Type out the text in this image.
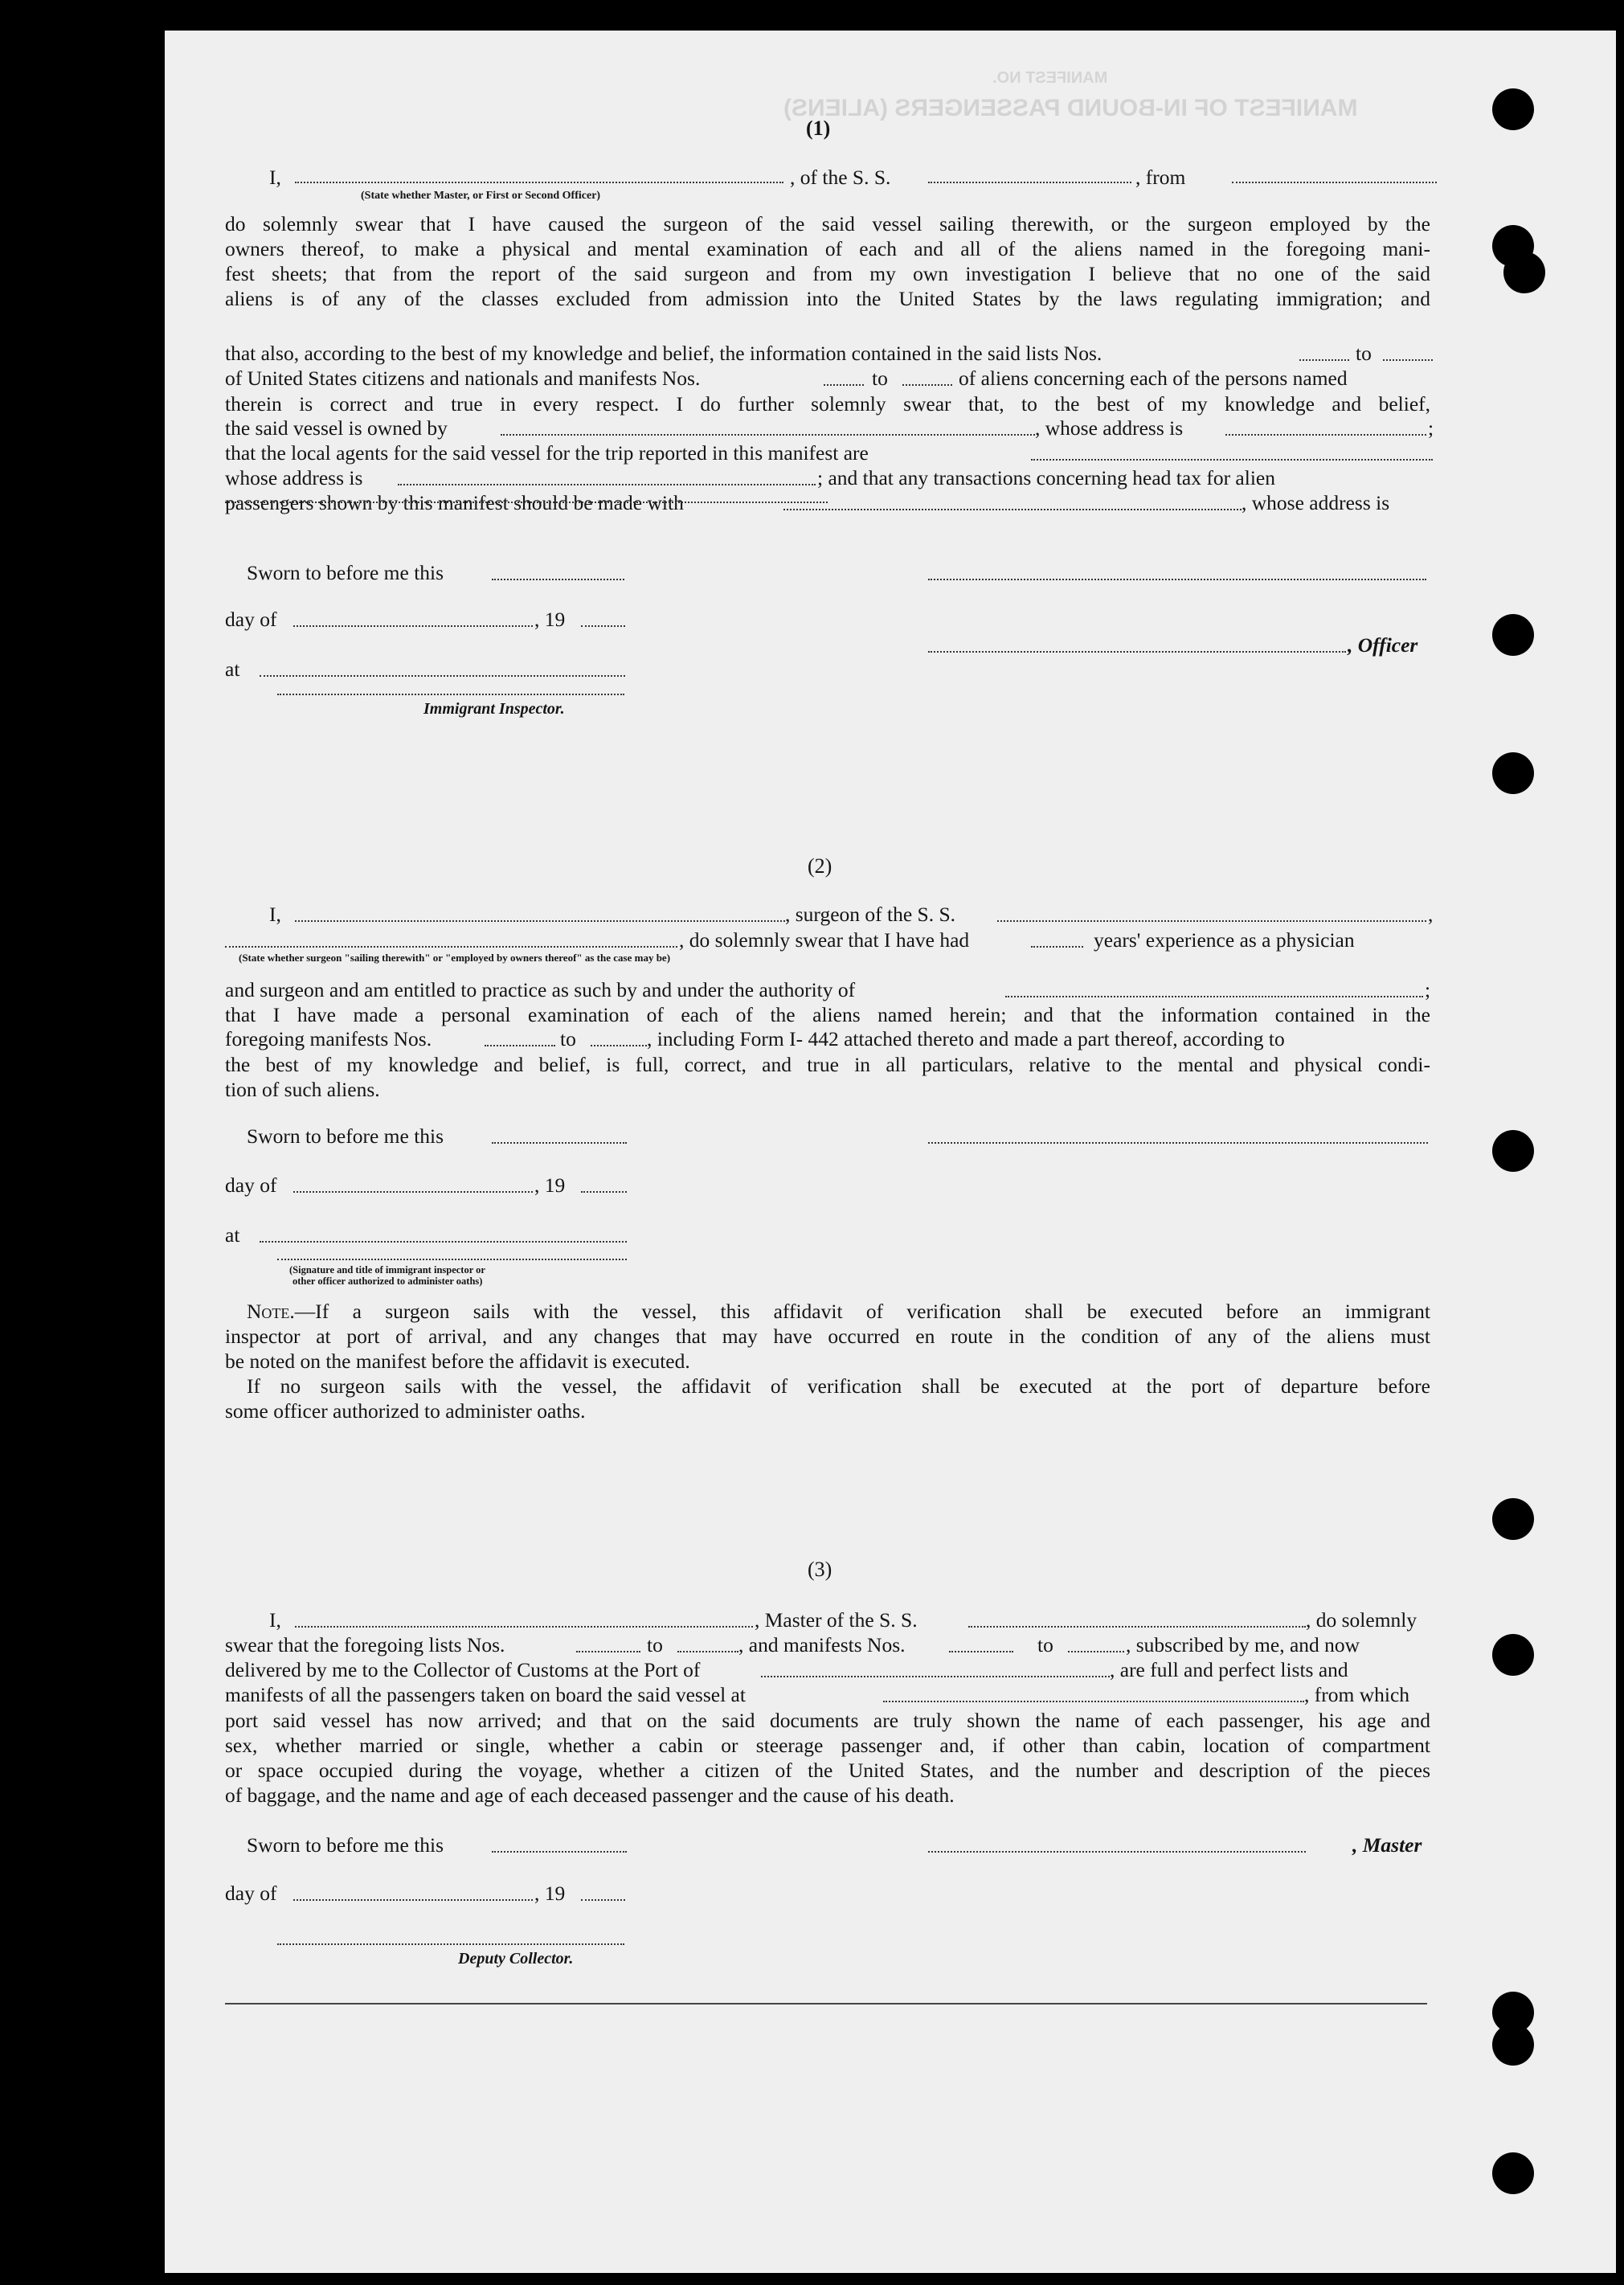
MANIFEST OF IN-BOUND PASSENGERS (ALIENS)
MANIFEST NO.
(1)
I,	, of the S. S.	, from
(State whether Master, or First or Second Officer)
do solemnly swear that I have caused the surgeon of the said vessel sailing therewith, or the surgeon employed by the
owners thereof, to make a physical and mental examination of each and all of the aliens named in the foregoing mani-
fest sheets; that from the report of the said surgeon and from my own investigation I believe that no one of the said
aliens is of any of the classes excluded from admission into the United States by the laws regulating immigration; and
that also, according to the best of my knowledge and belief, the information contained in the said lists Nos.	to
of United States citizens and nationals and manifests Nos.	to	of aliens concerning each of the persons named
therein is correct and true in every respect. I do further solemnly swear that, to the best of my knowledge and belief,
the said vessel is owned by	, whose address is	;
that the local agents for the said vessel for the trip reported in this manifest are
whose address is	; and that any transactions concerning head tax for alien
passengers shown by this manifest should be made with	, whose address is
Sworn to before me this
day of	, 19
, Officer
at
Immigrant Inspector.
(2)
I,	, surgeon of the S. S.	,
, do solemnly swear that I have had	years' experience as a physician
(State whether surgeon "sailing therewith" or "employed by owners thereof" as the case may be)
and surgeon and am entitled to practice as such by and under the authority of	;
that I have made a personal examination of each of the aliens named herein; and that the information contained in the
foregoing manifests Nos.	to	, including Form I- 442 attached thereto and made a part thereof, according to
the best of my knowledge and belief, is full, correct, and true in all particulars, relative to the mental and physical condi-
tion of such aliens.
Sworn to before me this
day of	, 19
at
(Signature and title of immigrant inspector or
other officer authorized to administer oaths)
Note.—If a surgeon sails with the vessel, this affidavit of verification shall be executed before an immigrant
inspector at port of arrival, and any changes that may have occurred en route in the condition of any of the aliens must
be noted on the manifest before the affidavit is executed.
If no surgeon sails with the vessel, the affidavit of verification shall be executed at the port of departure before
some officer authorized to administer oaths.
(3)
I,	, Master of the S. S.	, do solemnly
swear that the foregoing lists Nos.	to	, and manifests Nos.	to	, subscribed by me, and now
delivered by me to the Collector of Customs at the Port of	, are full and perfect lists and
manifests of all the passengers taken on board the said vessel at	, from which
port said vessel has now arrived; and that on the said documents are truly shown the name of each passenger, his age and
sex, whether married or single, whether a cabin or steerage passenger and, if other than cabin, location of compartment
or space occupied during the voyage, whether a citizen of the United States, and the number and description of the pieces
of baggage, and the name and age of each deceased passenger and the cause of his death.
Sworn to before me this	, Master
day of	, 19
Deputy Collector.
